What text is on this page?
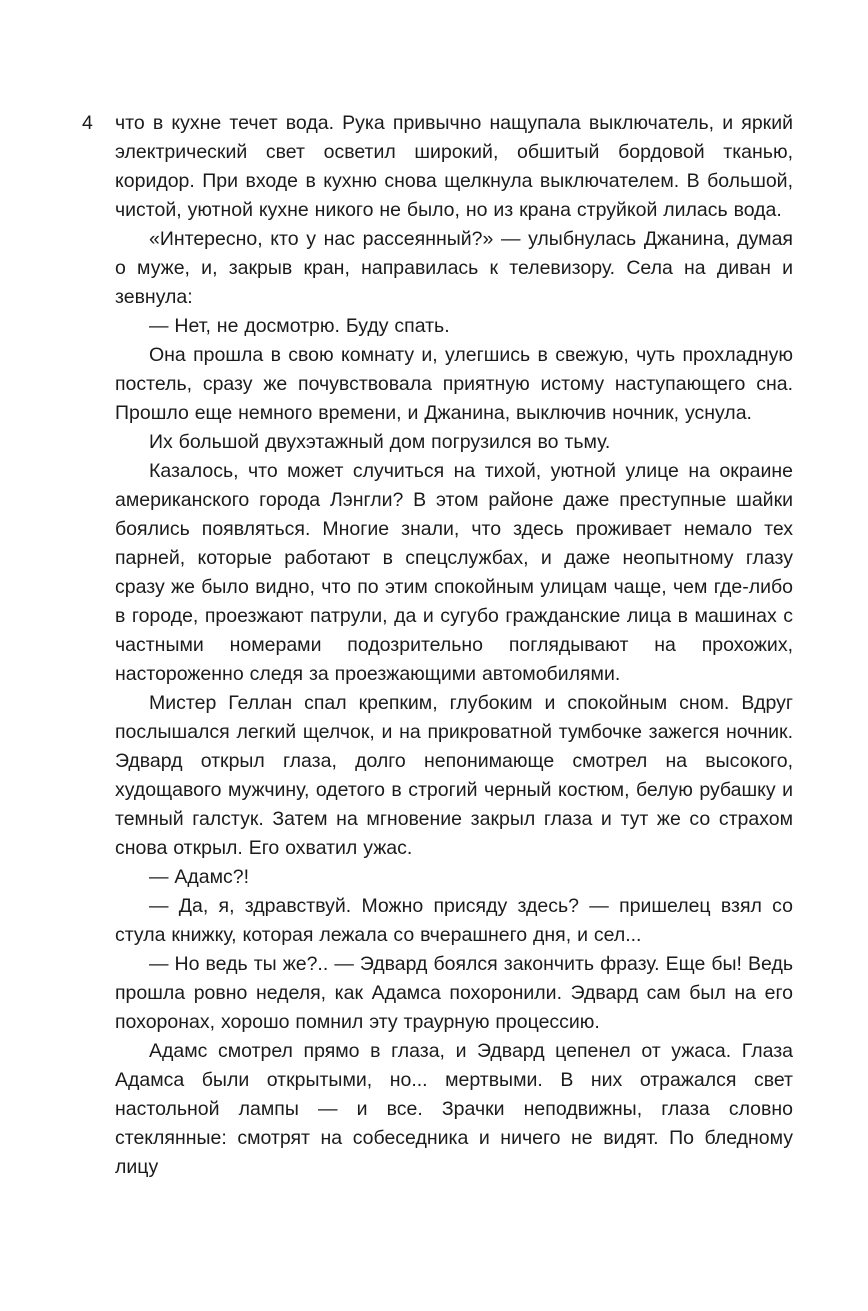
4 что в кухне течет вода. Рука привычно нащупала выключатель, и яркий электрический свет осветил широкий, обшитый бордовой тканью, коридор. При входе в кухню снова щелкнула выключателем. В большой, чистой, уютной кухне никого не было, но из крана струйкой лилась вода.

«Интересно, кто у нас рассеянный?» — улыбнулась Джанина, думая о муже, и, закрыв кран, направилась к телевизору. Села на диван и зевнула:

— Нет, не досмотрю. Буду спать.

Она прошла в свою комнату и, улегшись в свежую, чуть прохладную постель, сразу же почувствовала приятную истому наступающего сна. Прошло еще немного времени, и Джанина, выключив ночник, уснула.

Их большой двухэтажный дом погрузился во тьму.

Казалось, что может случиться на тихой, уютной улице на окраине американского города Лэнгли? В этом районе даже преступные шайки боялись появляться. Многие знали, что здесь проживает немало тех парней, которые работают в спецслужбах, и даже неопытному глазу сразу же было видно, что по этим спокойным улицам чаще, чем где-либо в городе, проезжают патрули, да и сугубо гражданские лица в машинах с частными номерами подозрительно поглядывают на прохожих, настороженно следя за проезжающими автомобилями.

Мистер Геллан спал крепким, глубоким и спокойным сном. Вдруг послышался легкий щелчок, и на прикроватной тумбочке зажегся ночник. Эдвард открыл глаза, долго непонимающе смотрел на высокого, худощавого мужчину, одетого в строгий черный костюм, белую рубашку и темный галстук. Затем на мгновение закрыл глаза и тут же со страхом снова открыл. Его охватил ужас.

— Адамс?!

— Да, я, здравствуй. Можно присяду здесь? — пришелец взял со стула книжку, которая лежала со вчерашнего дня, и сел...

— Но ведь ты же?.. — Эдвард боялся закончить фразу. Еще бы! Ведь прошла ровно неделя, как Адамса похоронили. Эдвард сам был на его похоронах, хорошо помнил эту траурную процессию.

Адамс смотрел прямо в глаза, и Эдвард цепенел от ужаса. Глаза Адамса были открытыми, но... мертвыми. В них отражался свет настольной лампы — и все. Зрачки неподвижны, глаза словно стеклянные: смотрят на собеседника и ничего не видят. По бледному лицу
